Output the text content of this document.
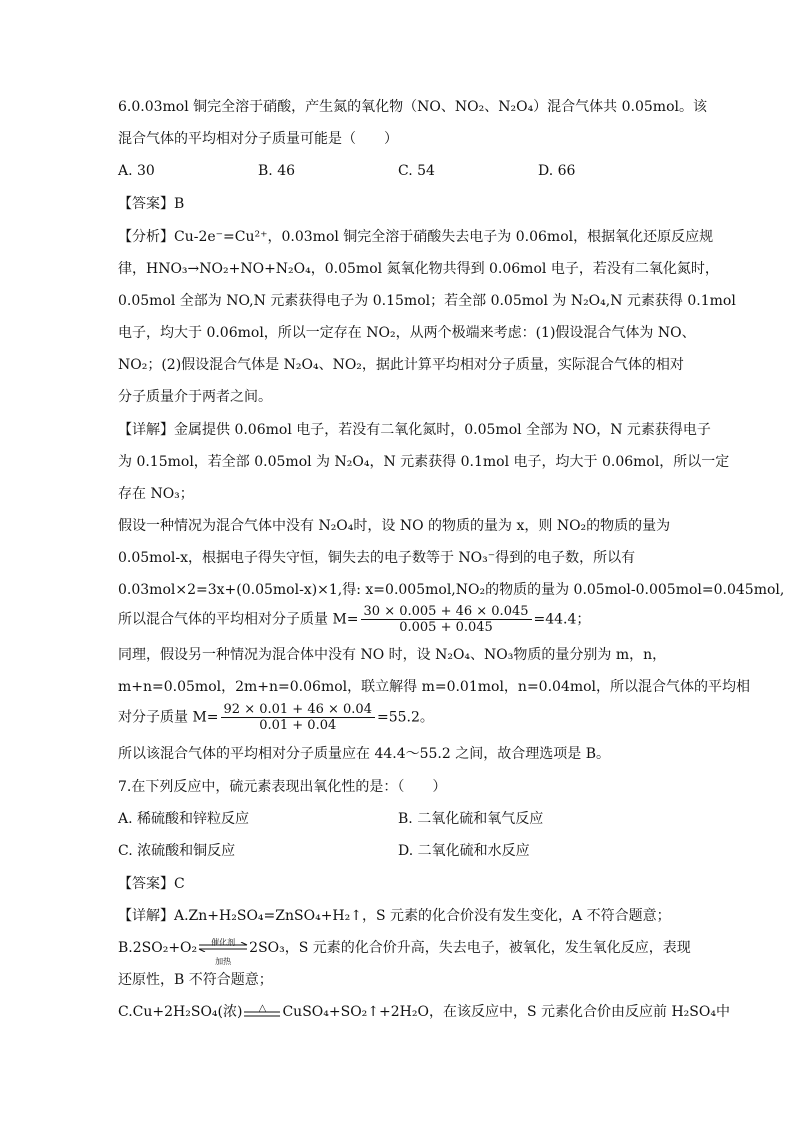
6.0.03mol 铜完全溶于硝酸，产生氮的氧化物（NO、NO₂、N₂O₄）混合气体共 0.05mol。该
混合气体的平均相对分子质量可能是（　　）
A. 30	B. 46	C. 54	D. 66
【答案】B
【分析】Cu-2e⁻=Cu²⁺，0.03mol 铜完全溶于硝酸失去电子为 0.06mol，根据氧化还原反应规
律，HNO₃→NO₂+NO+N₂O₄，0.05mol 氮氧化物共得到 0.06mol 电子，若没有二氧化氮时，
0.05mol 全部为 NO,N 元素获得电子为 0.15mol；若全部 0.05mol 为 N₂O₄,N 元素获得 0.1mol
电子，均大于 0.06mol，所以一定存在 NO₂，从两个极端来考虑：(1)假设混合气体为 NO、
NO₂；(2)假设混合气体是 N₂O₄、NO₂，据此计算平均相对分子质量，实际混合气体的相对
分子质量介于两者之间。
【详解】金属提供 0.06mol 电子，若没有二氧化氮时，0.05mol 全部为 NO，N 元素获得电子
为 0.15mol，若全部 0.05mol 为 N₂O₄，N 元素获得 0.1mol 电子，均大于 0.06mol，所以一定
存在 NO₃；
假设一种情况为混合气体中没有 N₂O₄时，设 NO 的物质的量为 x，则 NO₂的物质的量为
0.05mol-x，根据电子得失守恒，铜失去的电子数等于 NO₃⁻得到的电子数，所以有
0.03mol×2=3x+(0.05mol-x)×1,得: x=0.005mol,NO₂的物质的量为 0.05mol-0.005mol=0.045mol,
所以混合气体的平均相对分子质量 $M= \frac{30 \times 0.005 + 46 \times 0.045}{0.005 + 0.045} =44.4$；
同理，假设另一种情况为混合体中没有 NO 时，设 N₂O₄、NO₃物质的量分别为 m，n，
m+n=0.05mol，2m+n=0.06mol，联立解得 m=0.01mol，n=0.04mol，所以混合气体的平均相
对分子质量 $M= \frac{92 \times 0.01 + 46 \times 0.04}{0.01 + 0.04} =55.2$。
所以该混合气体的平均相对分子质量应在 44.4～55.2 之间，故合理选项是 B。
7.在下列反应中，硫元素表现出氧化性的是：（　　）
A. 稀硫酸和锌粒反应	B. 二氧化硫和氧气反应
C. 浓硫酸和铜反应	D. 二氧化硫和水反应
【答案】C
【详解】A.Zn+H₂SO₄=ZnSO₄+H₂↑，S 元素的化合价没有发生变化，A 不符合题意；
B.2SO₂+O₂	催化剂
加热
2SO₃，S 元素的化合价升高，失去电子，被氧化，发生氧化反应，表现
还原性，B 不符合题意；
C.Cu+2H₂SO₄(浓)	△	CuSO₄+SO₂↑+2H₂O，在该反应中，S 元素化合价由反应前 H₂SO₄中
